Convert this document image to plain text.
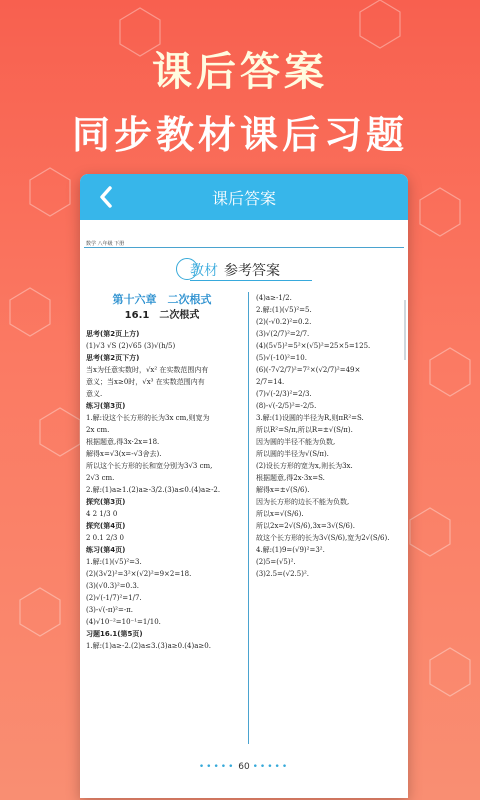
课后答案
同步教材课后习题
课后答案
数学 八年级 下册
教材 参考答案
第十六章　二次根式
16.1　二次根式
思考(第2页上方)
(1)√3 √S (2)√65 (3)√(h/5)
思考(第2页下方)
当x为任意实数时，√x² 在实数范围内有
意义；当x≥0时，√x³ 在实数范围内有
意义.
练习(第3页)
1.解:设这个长方形的长为3x cm,则宽为
2x cm.
根据题意,得3x·2x=18.
解得x=√3(x=-√3舍去).
所以这个长方形的长和宽分别为3√3 cm,
2√3 cm.
2.解:(1)a≥1.(2)a≥-3/2.(3)a≤0.(4)a≥-2.
探究(第3页)
4 2 1/3 0
探究(第4页)
2 0.1 2/3 0
练习(第4页)
1.解:(1)(√5)²=3.
(2)(3√2)²=3²×(√2)²=9×2=18.
(3)(√0.3)²=0.3.
(2)√(-1/7)²=1/7.
(3)-√(-π)²=-π.
(4)√10⁻²=10⁻¹=1/10.
习题16.1(第5页)
1.解:(1)a≥-2.(2)a≤3.(3)a≥0.(4)a≥0.
(4)a≥-1/2.
2.解:(1)(√5)²=5.
(2)(-√0.2)²=0.2.
(3)√(2/7)²=2/7.
(4)(5√5)²=5²×(√5)²=25×5=125.
(5)√(-10)²=10.
(6)(-7√2/7)²=7²×(√2/7)²=49×
2/7=14.
(7)√(-2/3)²=2/3.
(8)-√(-2/5)²=-2/5.
3.解:(1)设圆的半径为R,则πR²=S.
所以R²=S/π,所以R=±√(S/π).
因为圆的半径不能为负数,
所以圆的半径为√(S/π).
(2)设长方形的宽为x,则长为3x.
根据题意,得2x·3x=S.
解得x=±√(S/6).
因为长方形的边长不能为负数,
所以x=√(S/6).
所以2x=2√(S/6),3x=3√(S/6).
故这个长方形的长为3√(S/6),宽为2√(S/6).
4.解:(1)9=(√9)²=3².
(2)5=(√5)².
(3)2.5=(√2.5)².
••••• 60 •••••
